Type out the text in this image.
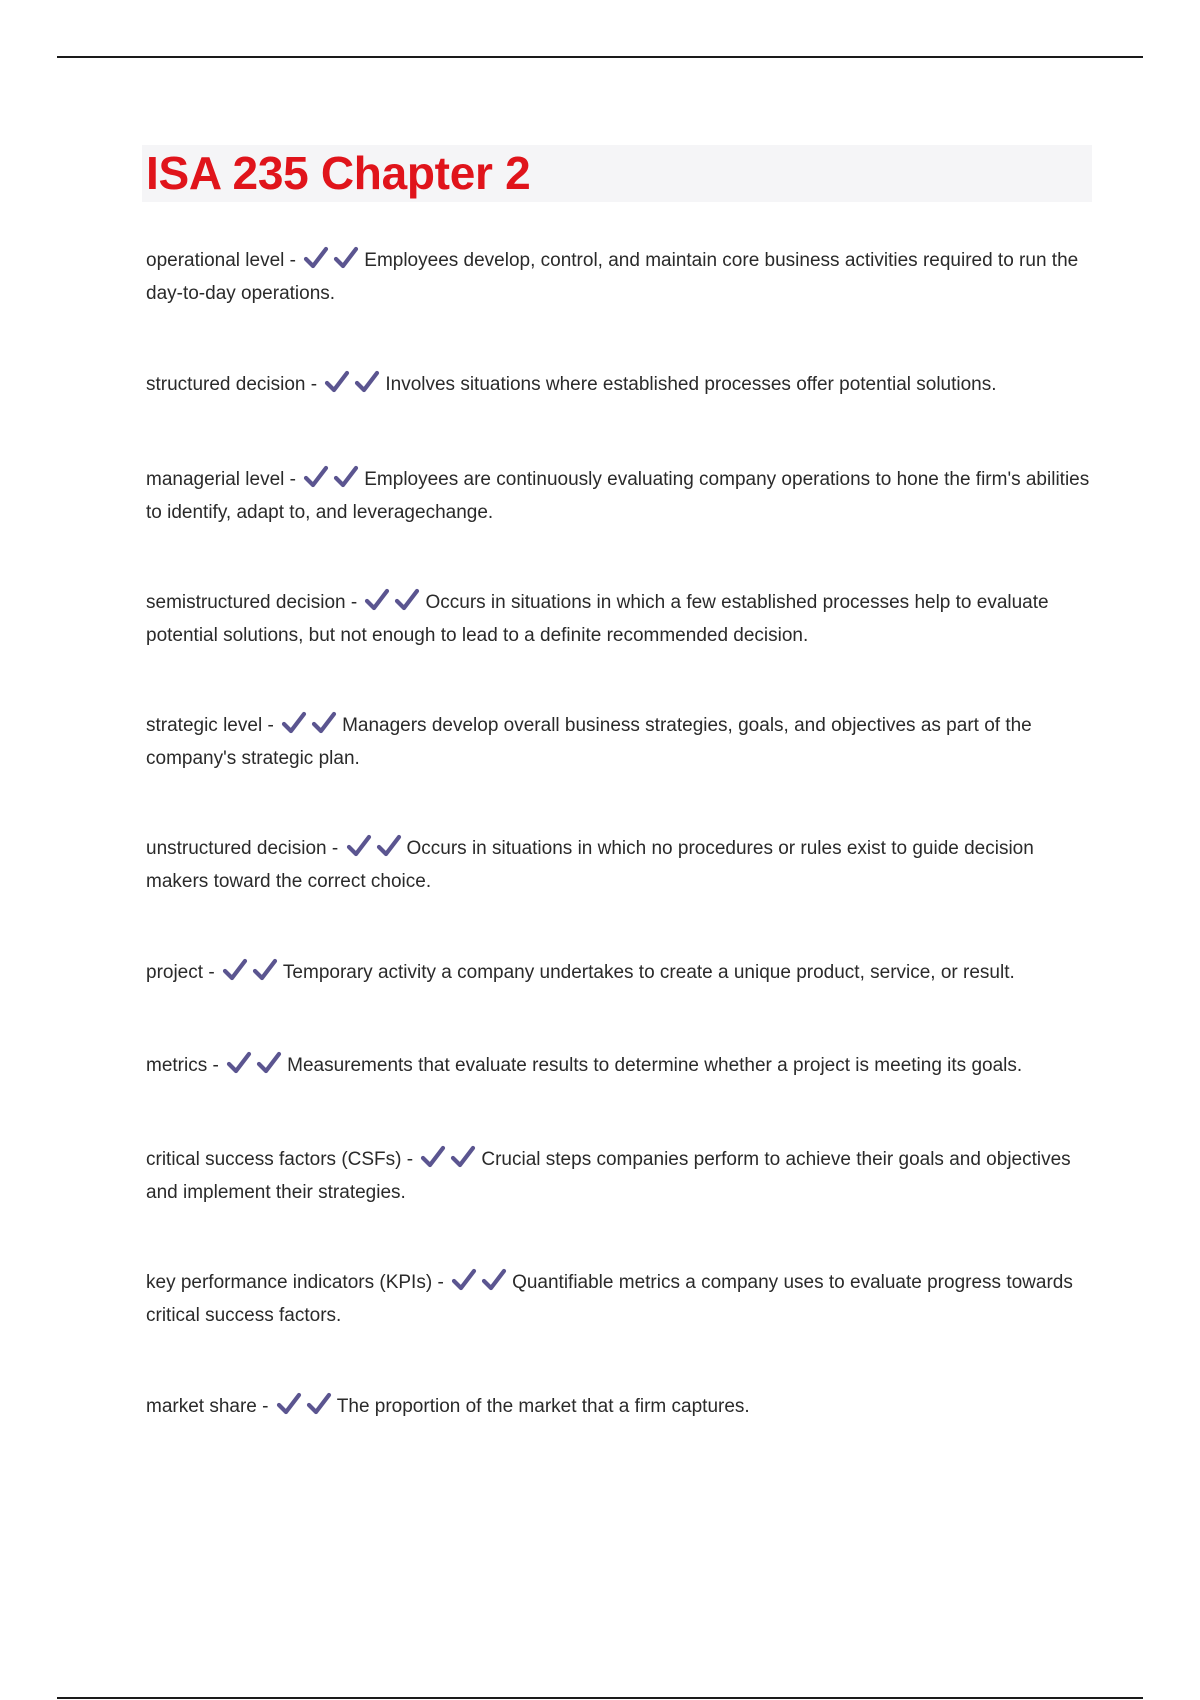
ISA 235 Chapter 2
operational level -	Employees develop, control, and maintain core business activities required to run the day-to-day operations.
structured decision -	Involves situations where established processes offer potential solutions.
managerial level -	Employees are continuously evaluating company operations to hone the firm's abilities to identify, adapt to, and leveragechange.
semistructured decision -	Occurs in situations in which a few established processes help to evaluate potential solutions, but not enough to lead to a definite recommended decision.
strategic level -	Managers develop overall business strategies, goals, and objectives as part of the company's strategic plan.
unstructured decision -	Occurs in situations in which no procedures or rules exist to guide decision makers toward the correct choice.
project -	Temporary activity a company undertakes to create a unique product, service, or result.
metrics -	Measurements that evaluate results to determine whether a project is meeting its goals.
critical success factors (CSFs) -	Crucial steps companies perform to achieve their goals and objectives and implement their strategies.
key performance indicators (KPIs) -	Quantifiable metrics a company uses to evaluate progress towards critical success factors.
market share -	The proportion of the market that a firm captures.
